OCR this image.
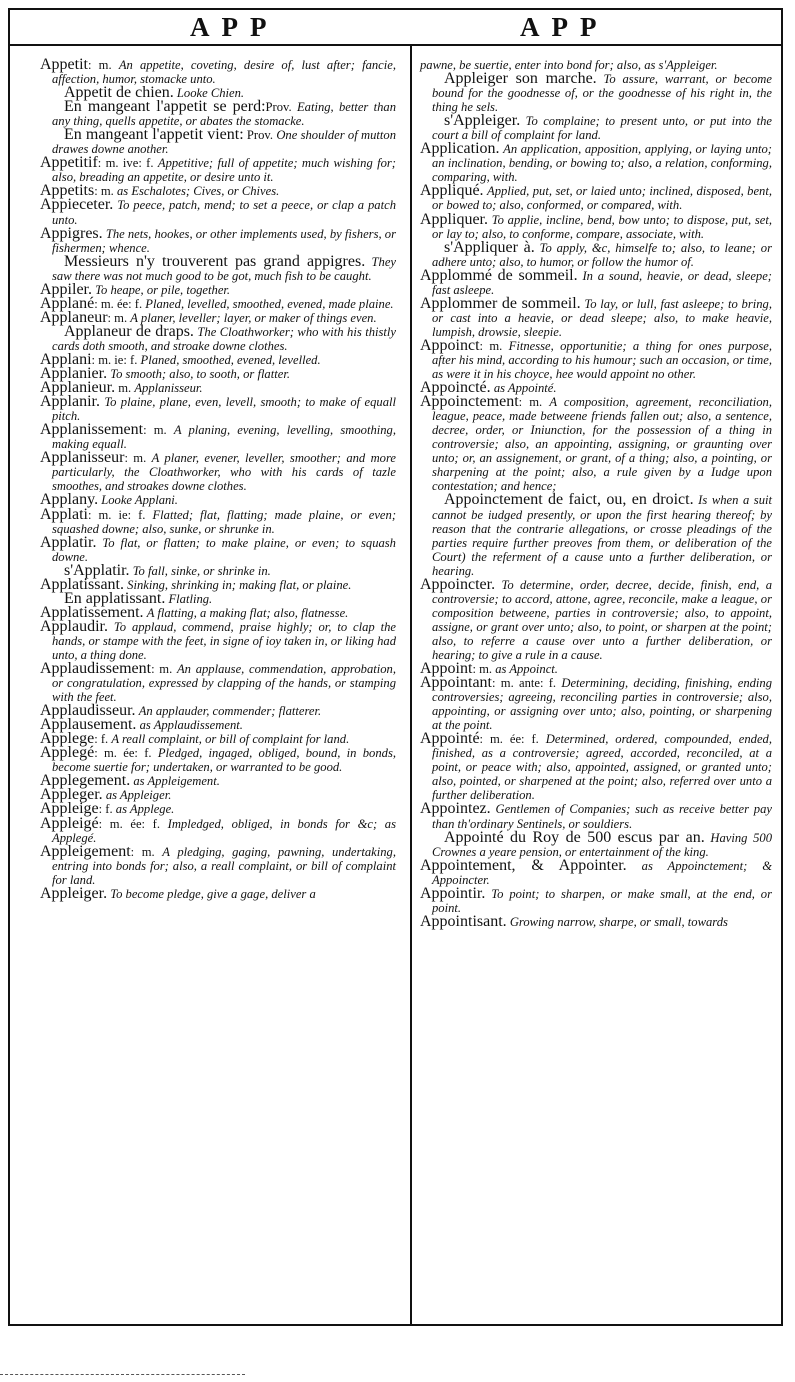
APP	APP

Appetit: m. An appetite, coveting, desire of, lust after; fancie, affection, humor, stomacke unto.

Appetit de chien. Looke Chien.

En mangeant l'appetit se perd:Prov. Eating, better than any thing, quells appetite, or abates the stomacke.

En mangeant l'appetit vient: Prov. One shoulder of mutton drawes downe another.

Appetitif: m. ive: f. Appetitive; full of appetite; much wishing for; also, breading an appetite, or desire unto it.

Appetits: m. as Eschalotes; Cives, or Chives.

Appieceter. To peece, patch, mend; to set a peece, or clap a patch unto.

Appigres. The nets, hookes, or other implements used, by fishers, or fishermen; whence.

Messieurs n'y trouverent pas grand appigres. They saw there was not much good to be got, much fish to be caught.

Appiler. To heape, or pile, together.

Applané: m. ée: f. Planed, levelled, smoothed, evened, made plaine.

Applaneur: m. A planer, leveller; layer, or maker of things even.

Applaneur de draps. The Cloathworker; who with his thistly cards doth smooth, and stroake downe clothes.

Applani: m. ie: f. Planed, smoothed, evened, levelled.

Applanier. To smooth; also, to sooth, or flatter.

Applanieur. m. Applanisseur.

Applanir. To plaine, plane, even, levell, smooth; to make of equall pitch.

Applanissement: m. A planing, evening, levelling, smoothing, making equall.

Applanisseur: m. A planer, evener, leveller, smoother; and more particularly, the Cloathworker, who with his cards of tazle smoothes, and stroakes downe clothes.

Applany. Looke Applani.

Applati: m. ie: f. Flatted; flat, flatting; made plaine, or even; squashed downe; also, sunke, or shrunke in.

Applatir. To flat, or flatten; to make plaine, or even; to squash downe.

s'Applatir. To fall, sinke, or shrinke in.

Applatissant. Sinking, shrinking in; making flat, or plaine.

En applatissant. Flatling.

Applatissement. A flatting, a making flat; also, flatnesse.

Applaudir. To applaud, commend, praise highly; or, to clap the hands, or stampe with the feet, in signe of ioy taken in, or liking had unto, a thing done.

Applaudissement: m. An applause, commendation, approbation, or congratulation, expressed by clapping of the hands, or stamping with the feet.

Applaudisseur. An applauder, commender; flatterer.

Applausement. as Applaudissement.

Applege: f. A reall complaint, or bill of complaint for land.

Applegé: m. ée: f. Pledged, ingaged, obliged, bound, in bonds, become suertie for; undertaken, or warranted to be good.

Applegement. as Appleigement.

Appleger. as Appleiger.

Appleige: f. as Applege.

Appleigé: m. ée: f. Impledged, obliged, in bonds for &c; as Applegé.

Appleigement: m. A pledging, gaging, pawning, undertaking, entring into bonds for; also, a reall complaint, or bill of complaint for land.

Appleiger. To become pledge, give a gage, deliver a

pawne, be suertie, enter into bond for; also, as s'Appleiger.

Appleiger son marche. To assure, warrant, or become bound for the goodnesse of, or the goodnesse of his right in, the thing he sels.

s'Appleiger. To complaine; to present unto, or put into the court a bill of complaint for land.

Application. An application, apposition, applying, or laying unto; an inclination, bending, or bowing to; also, a relation, conforming, comparing, with.

Appliqué. Applied, put, set, or laied unto; inclined, disposed, bent, or bowed to; also, conformed, or compared, with.

Appliquer. To applie, incline, bend, bow unto; to dispose, put, set, or lay to; also, to conforme, compare, associate, with.

s'Appliquer à. To apply, &c, himselfe to; also, to leane; or adhere unto; also, to humor, or follow the humor of.

Applommé de sommeil. In a sound, heavie, or dead, sleepe; fast asleepe.

Applommer de sommeil. To lay, or lull, fast asleepe; to bring, or cast into a heavie, or dead sleepe; also, to make heavie, lumpish, drowsie, sleepie.

Appoinct: m. Fitnesse, opportunitie; a thing for ones purpose, after his mind, according to his humour; such an occasion, or time, as were it in his choyce, hee would appoint no other.

Appoincté. as Appointé.

Appoinctement: m. A composition, agreement, reconciliation, league, peace, made betweene friends fallen out; also, a sentence, decree, order, or Iniunction, for the possession of a thing in controversie; also, an appointing, assigning, or graunting over unto; or, an assignement, or grant, of a thing; also, a pointing, or sharpening at the point; also, a rule given by a Iudge upon contestation; and hence;

Appoinctement de faict, ou, en droict. Is when a suit cannot be iudged presently, or upon the first hearing thereof; by reason that the contrarie allegations, or crosse pleadings of the parties require further preoves from them, or deliberation of the Court) the referment of a cause unto a further deliberation, or hearing.

Appoincter. To determine, order, decree, decide, finish, end, a controversie; to accord, attone, agree, reconcile, make a league, or composition betweene, parties in controversie; also, to appoint, assigne, or grant over unto; also, to point, or sharpen at the point; also, to referre a cause over unto a further deliberation, or hearing; to give a rule in a cause.

Appoint: m. as Appoinct.

Appointant: m. ante: f. Determining, deciding, finishing, ending controversies; agreeing, reconciling parties in controversie; also, appointing, or assigning over unto; also, pointing, or sharpening at the point.

Appointé: m. ée: f. Determined, ordered, compounded, ended, finished, as a controversie; agreed, accorded, reconciled, at a point, or peace with; also, appointed, assigned, or granted unto; also, pointed, or sharpened at the point; also, referred over unto a further deliberation.

Appointez. Gentlemen of Companies; such as receive better pay than th'ordinary Sentinels, or souldiers.

Appointé du Roy de 500 escus par an. Having 500 Crownes a yeare pension, or entertainment of the king.

Appointement, & Appointer. as Appoinctement; & Appoincter.

Appointir. To point; to sharpen, or make small, at the end, or point.

Appointisant. Growing narrow, sharpe, or small, towards
